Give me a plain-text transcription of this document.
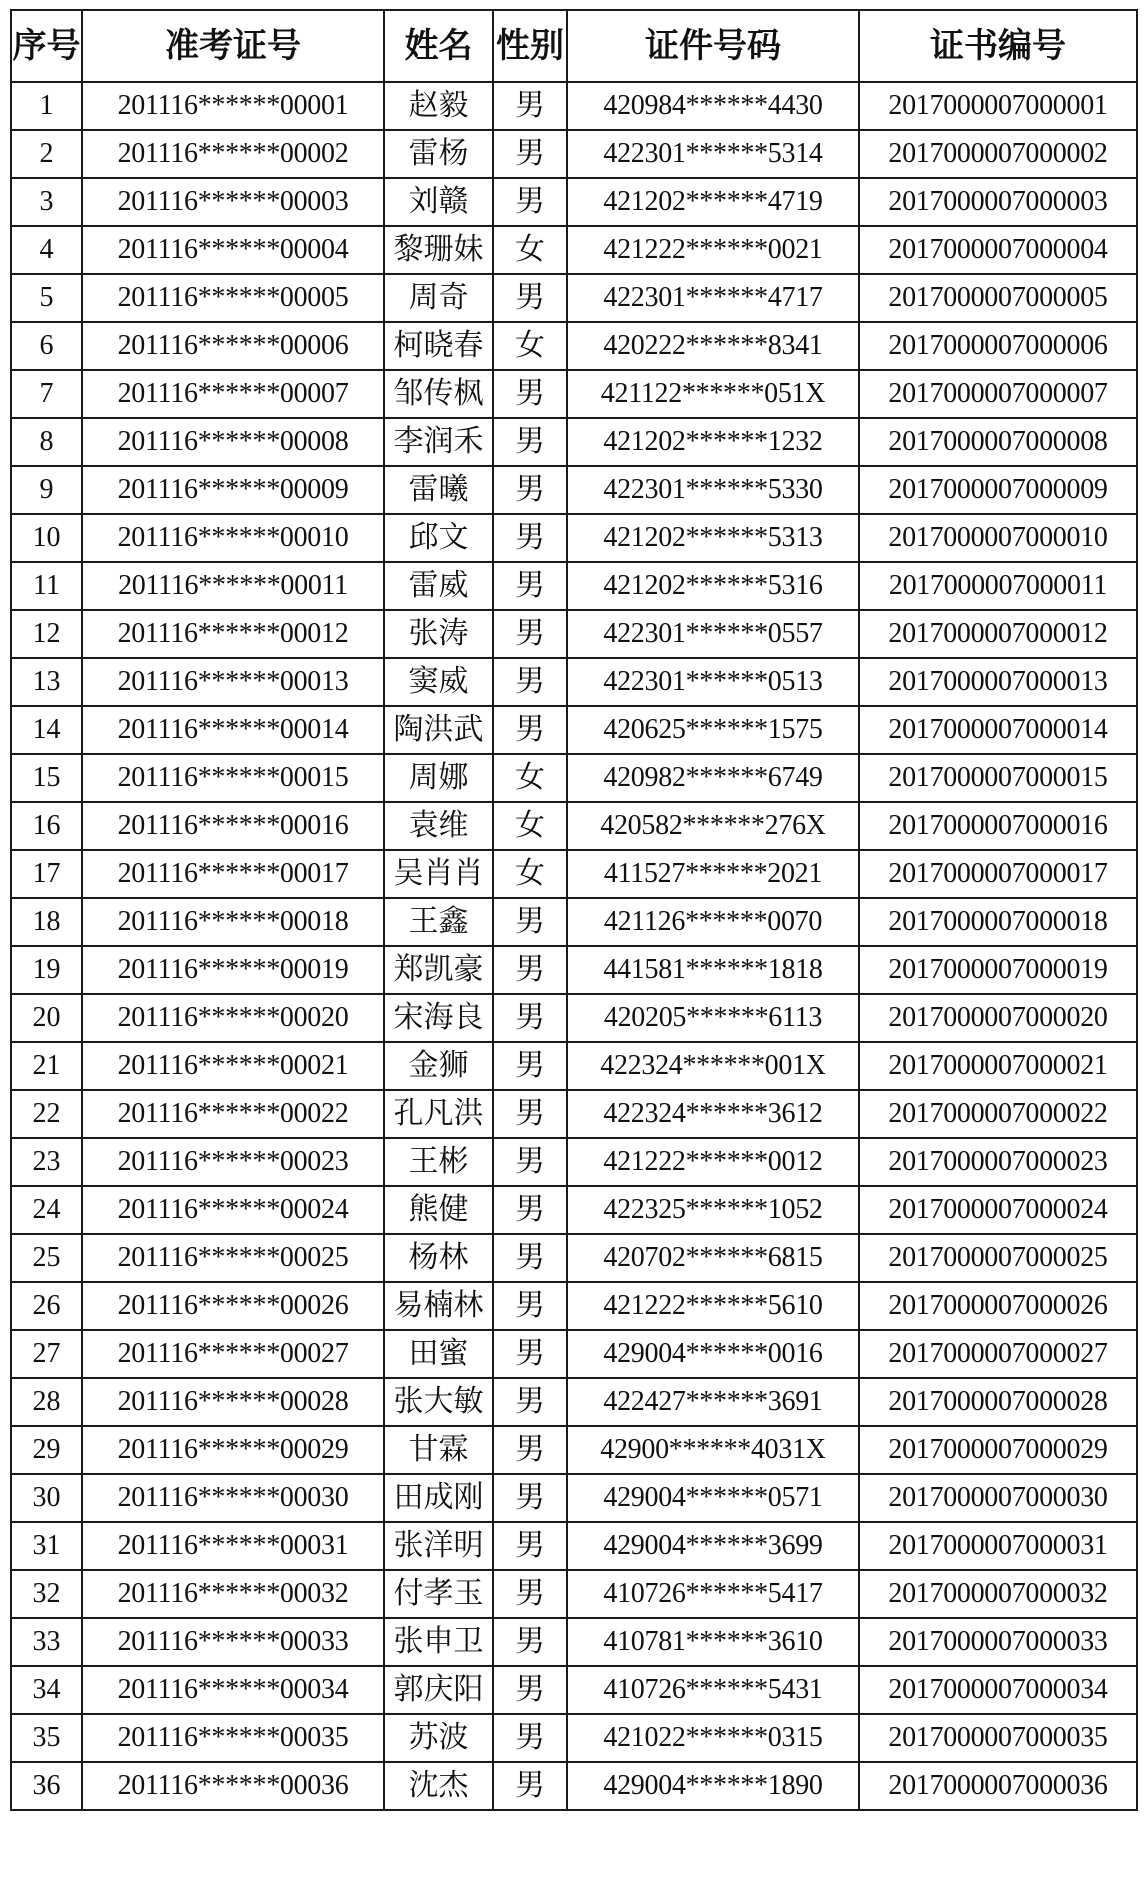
序号	准考证号	姓名	性别	证件号码	证书编号
1	201116******00001	赵毅	男	420984******4430	2017000007000001
2	201116******00002	雷杨	男	422301******5314	2017000007000002
3	201116******00003	刘赣	男	421202******4719	2017000007000003
4	201116******00004	黎珊妹	女	421222******0021	2017000007000004
5	201116******00005	周奇	男	422301******4717	2017000007000005
6	201116******00006	柯晓春	女	420222******8341	2017000007000006
7	201116******00007	邹传枫	男	421122******051X	2017000007000007
8	201116******00008	李润禾	男	421202******1232	2017000007000008
9	201116******00009	雷曦	男	422301******5330	2017000007000009
10	201116******00010	邱文	男	421202******5313	2017000007000010
11	201116******00011	雷威	男	421202******5316	2017000007000011
12	201116******00012	张涛	男	422301******0557	2017000007000012
13	201116******00013	窦威	男	422301******0513	2017000007000013
14	201116******00014	陶洪武	男	420625******1575	2017000007000014
15	201116******00015	周娜	女	420982******6749	2017000007000015
16	201116******00016	袁维	女	420582******276X	2017000007000016
17	201116******00017	吴肖肖	女	411527******2021	2017000007000017
18	201116******00018	王鑫	男	421126******0070	2017000007000018
19	201116******00019	郑凯豪	男	441581******1818	2017000007000019
20	201116******00020	宋海良	男	420205******6113	2017000007000020
21	201116******00021	金狮	男	422324******001X	2017000007000021
22	201116******00022	孔凡洪	男	422324******3612	2017000007000022
23	201116******00023	王彬	男	421222******0012	2017000007000023
24	201116******00024	熊健	男	422325******1052	2017000007000024
25	201116******00025	杨林	男	420702******6815	2017000007000025
26	201116******00026	易楠林	男	421222******5610	2017000007000026
27	201116******00027	田蜜	男	429004******0016	2017000007000027
28	201116******00028	张大敏	男	422427******3691	2017000007000028
29	201116******00029	甘霖	男	42900******4031X	2017000007000029
30	201116******00030	田成刚	男	429004******0571	2017000007000030
31	201116******00031	张洋明	男	429004******3699	2017000007000031
32	201116******00032	付孝玉	男	410726******5417	2017000007000032
33	201116******00033	张申卫	男	410781******3610	2017000007000033
34	201116******00034	郭庆阳	男	410726******5431	2017000007000034
35	201116******00035	苏波	男	421022******0315	2017000007000035
36	201116******00036	沈杰	男	429004******1890	2017000007000036
